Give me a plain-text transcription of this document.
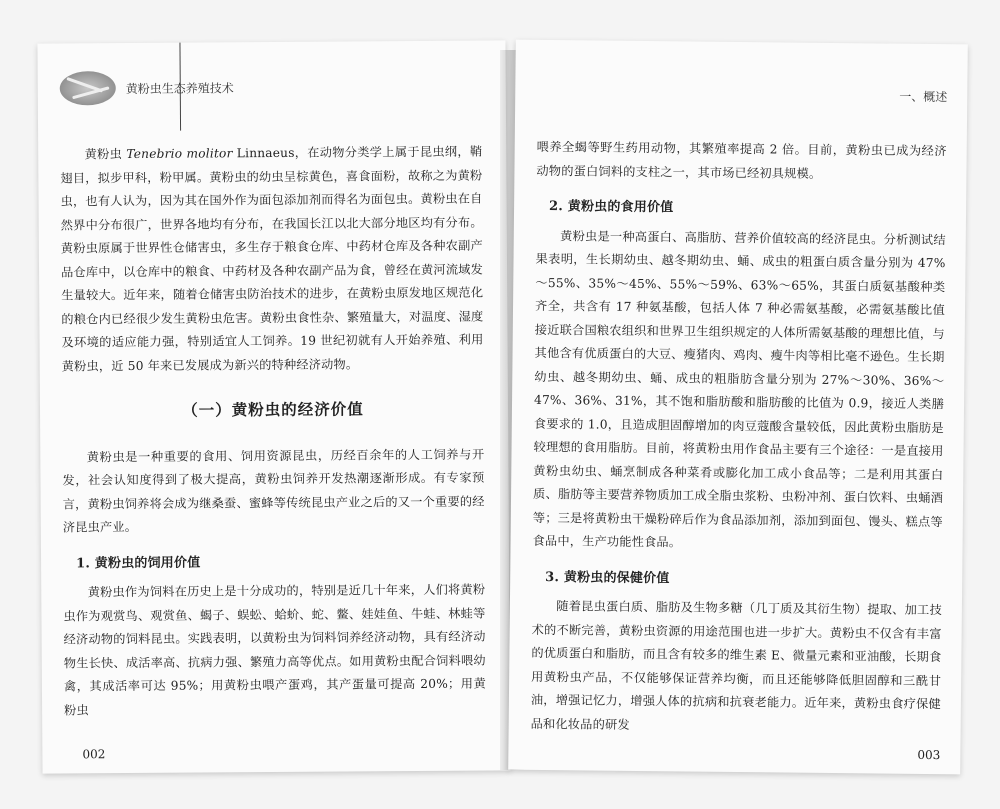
黄粉虫生态养殖技术

黄粉虫 Tenebrio molitor Linnaeus，在动物分类学上属于昆虫纲，鞘翅目，拟步甲科，粉甲属。黄粉虫的幼虫呈棕黄色，喜食面粉，故称之为黄粉虫，也有人认为，因为其在国外作为面包添加剂而得名为面包虫。黄粉虫在自然界中分布很广，世界各地均有分布，在我国长江以北大部分地区均有分布。黄粉虫原属于世界性仓储害虫，多生存于粮食仓库、中药材仓库及各种农副产品仓库中，以仓库中的粮食、中药材及各种农副产品为食，曾经在黄河流域发生量较大。近年来，随着仓储害虫防治技术的进步，在黄粉虫原发地区规范化的粮仓内已经很少发生黄粉虫危害。黄粉虫食性杂、繁殖量大，对温度、湿度及环境的适应能力强，特别适宜人工饲养。19 世纪初就有人开始养殖、利用黄粉虫，近 50 年来已发展成为新兴的特种经济动物。

（一）黄粉虫的经济价值

黄粉虫是一种重要的食用、饲用资源昆虫，历经百余年的人工饲养与开发，社会认知度得到了极大提高，黄粉虫饲养开发热潮逐渐形成。有专家预言，黄粉虫饲养将会成为继桑蚕、蜜蜂等传统昆虫产业之后的又一个重要的经济昆虫产业。

1. 黄粉虫的饲用价值

黄粉虫作为饲料在历史上是十分成功的，特别是近几十年来，人们将黄粉虫作为观赏鸟、观赏鱼、蝎子、蜈蚣、蛤蚧、蛇、鳖、娃娃鱼、牛蛙、林蛙等经济动物的饲料昆虫。实践表明，以黄粉虫为饲料饲养经济动物，具有经济动物生长快、成活率高、抗病力强、繁殖力高等优点。如用黄粉虫配合饲料喂幼禽，其成活率可达 95%；用黄粉虫喂产蛋鸡，其产蛋量可提高 20%；用黄粉虫

002
一、概述

喂养全蝎等野生药用动物，其繁殖率提高 2 倍。目前，黄粉虫已成为经济动物的蛋白饲料的支柱之一，其市场已经初具规模。

2. 黄粉虫的食用价值

黄粉虫是一种高蛋白、高脂肪、营养价值较高的经济昆虫。分析测试结果表明，生长期幼虫、越冬期幼虫、蛹、成虫的粗蛋白质含量分别为 47%～55%、35%～45%、55%～59%、63%～65%，其蛋白质氨基酸种类齐全，共含有 17 种氨基酸，包括人体 7 种必需氨基酸，必需氨基酸比值接近联合国粮农组织和世界卫生组织规定的人体所需氨基酸的理想比值，与其他含有优质蛋白的大豆、瘦猪肉、鸡肉、瘦牛肉等相比毫不逊色。生长期幼虫、越冬期幼虫、蛹、成虫的粗脂肪含量分别为 27%～30%、36%～47%、36%、31%，其不饱和脂肪酸和脂肪酸的比值为 0.9，接近人类膳食要求的 1.0，且造成胆固醇增加的肉豆蔻酸含量较低，因此黄粉虫脂肪是较理想的食用脂肪。目前，将黄粉虫用作食品主要有三个途径：一是直接用黄粉虫幼虫、蛹烹制成各种菜肴或膨化加工成小食品等；二是利用其蛋白质、脂肪等主要营养物质加工成全脂虫浆粉、虫粉冲剂、蛋白饮料、虫蛹酒等；三是将黄粉虫干燥粉碎后作为食品添加剂，添加到面包、馒头、糕点等食品中，生产功能性食品。

3. 黄粉虫的保健价值

随着昆虫蛋白质、脂肪及生物多糖（几丁质及其衍生物）提取、加工技术的不断完善，黄粉虫资源的用途范围也进一步扩大。黄粉虫不仅含有丰富的优质蛋白和脂肪，而且含有较多的维生素 E、微量元素和亚油酸，长期食用黄粉虫产品，不仅能够保证营养均衡，而且还能够降低胆固醇和三酰甘油，增强记忆力，增强人体的抗病和抗衰老能力。近年来，黄粉虫食疗保健品和化妆品的研发

003
